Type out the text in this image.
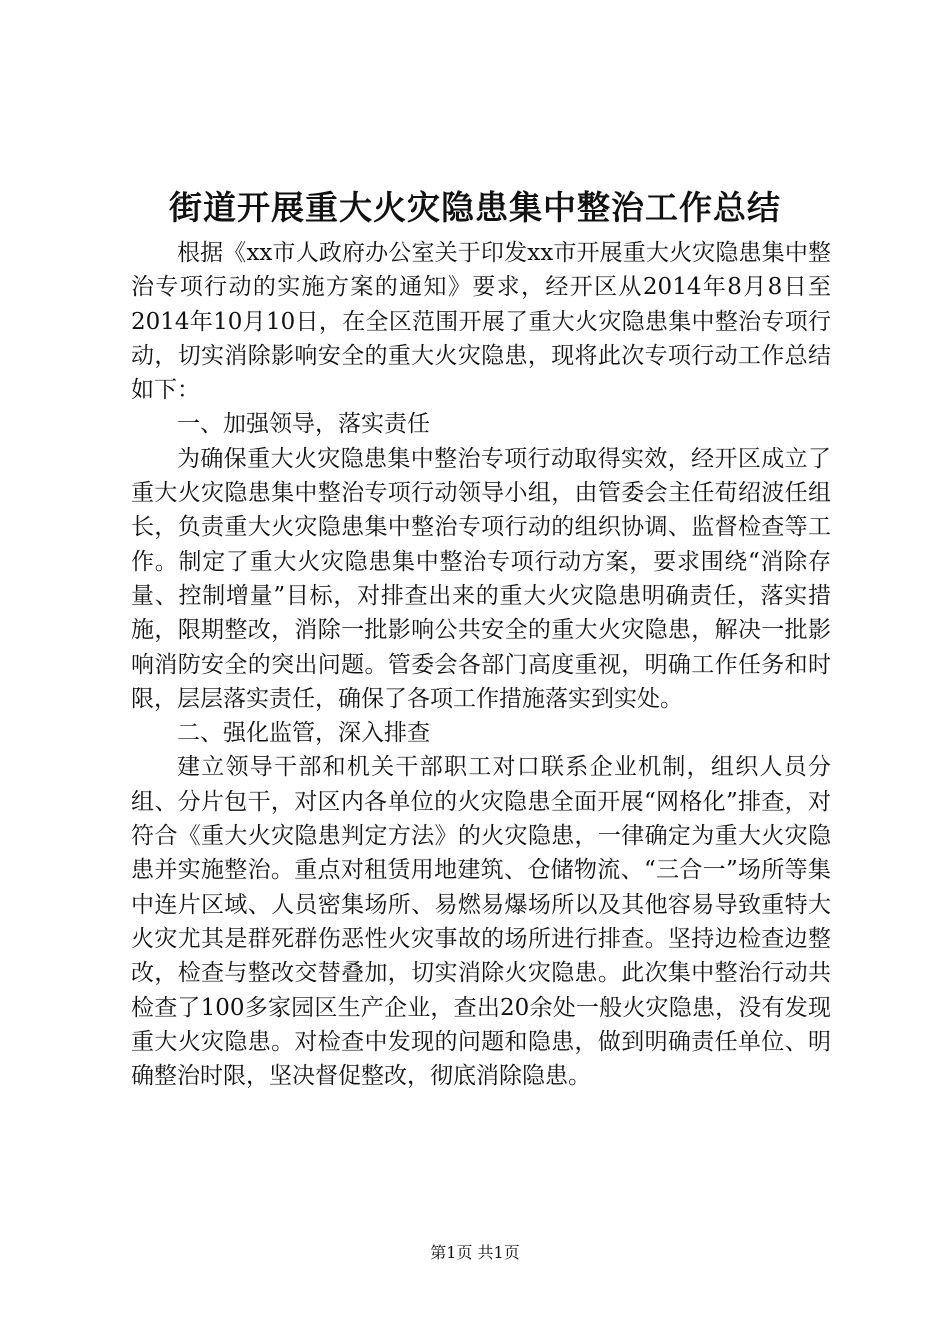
街道开展重大火灾隐患集中整治工作总结

根据《xx市人政府办公室关于印发xx市开展重大火灾隐患集中整治专项行动的实施方案的通知》要求，经开区从2014年8月8日至2014年10月10日，在全区范围开展了重大火灾隐患集中整治专项行动，切实消除影响安全的重大火灾隐患，现将此次专项行动工作总结如下：

一、加强领导，落实责任

为确保重大火灾隐患集中整治专项行动取得实效，经开区成立了重大火灾隐患集中整治专项行动领导小组，由管委会主任荀绍波任组长，负责重大火灾隐患集中整治专项行动的组织协调、监督检查等工作。制定了重大火灾隐患集中整治专项行动方案，要求围绕“消除存量、控制增量”目标，对排查出来的重大火灾隐患明确责任，落实措施，限期整改，消除一批影响公共安全的重大火灾隐患，解决一批影响消防安全的突出问题。管委会各部门高度重视，明确工作任务和时限，层层落实责任，确保了各项工作措施落实到实处。

二、强化监管，深入排查

建立领导干部和机关干部职工对口联系企业机制，组织人员分组、分片包干，对区内各单位的火灾隐患全面开展“网格化”排查，对符合《重大火灾隐患判定方法》的火灾隐患，一律确定为重大火灾隐患并实施整治。重点对租赁用地建筑、仓储物流、“三合一”场所等集中连片区域、人员密集场所、易燃易爆场所以及其他容易导致重特大火灾尤其是群死群伤恶性火灾事故的场所进行排查。坚持边检查边整改，检查与整改交替叠加，切实消除火灾隐患。此次集中整治行动共检查了100多家园区生产企业，查出20余处一般火灾隐患，没有发现重大火灾隐患。对检查中发现的问题和隐患，做到明确责任单位、明确整治时限，坚决督促整改，彻底消除隐患。

第1页 共1页
